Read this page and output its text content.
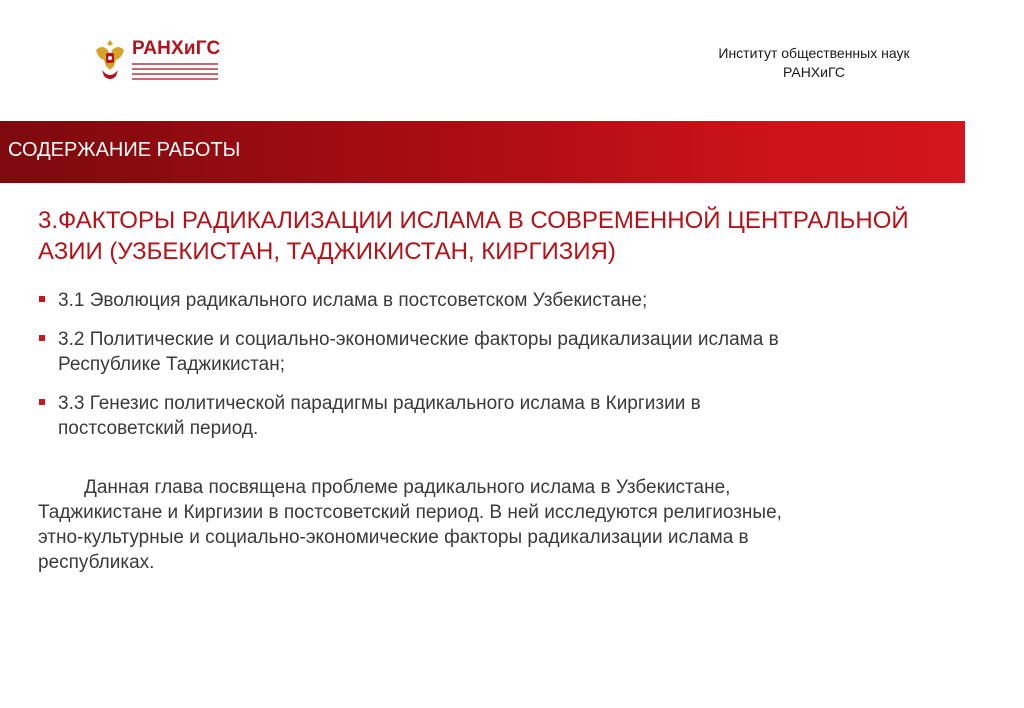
РАНХиГС	Институт общественных наук
РАНХиГС
СОДЕРЖАНИЕ РАБОТЫ
3.ФАКТОРЫ РАДИКАЛИЗАЦИИ ИСЛАМА В СОВРЕМЕННОЙ ЦЕНТРАЛЬНОЙ
АЗИИ (УЗБЕКИСТАН, ТАДЖИКИСТАН, КИРГИЗИЯ)
3.1 Эволюция радикального ислама в постсоветском Узбекистане;
3.2 Политические и социально-экономические факторы радикализации ислама в
Республике Таджикистан;
3.3 Генезис политической парадигмы радикального ислама в Киргизии в
постсоветский период.
Данная глава посвящена проблеме радикального ислама в Узбекистане,
Таджикистане и Киргизии в постсоветский период. В ней исследуются религиозные,
этно-культурные и социально-экономические факторы радикализации ислама в
республиках.
